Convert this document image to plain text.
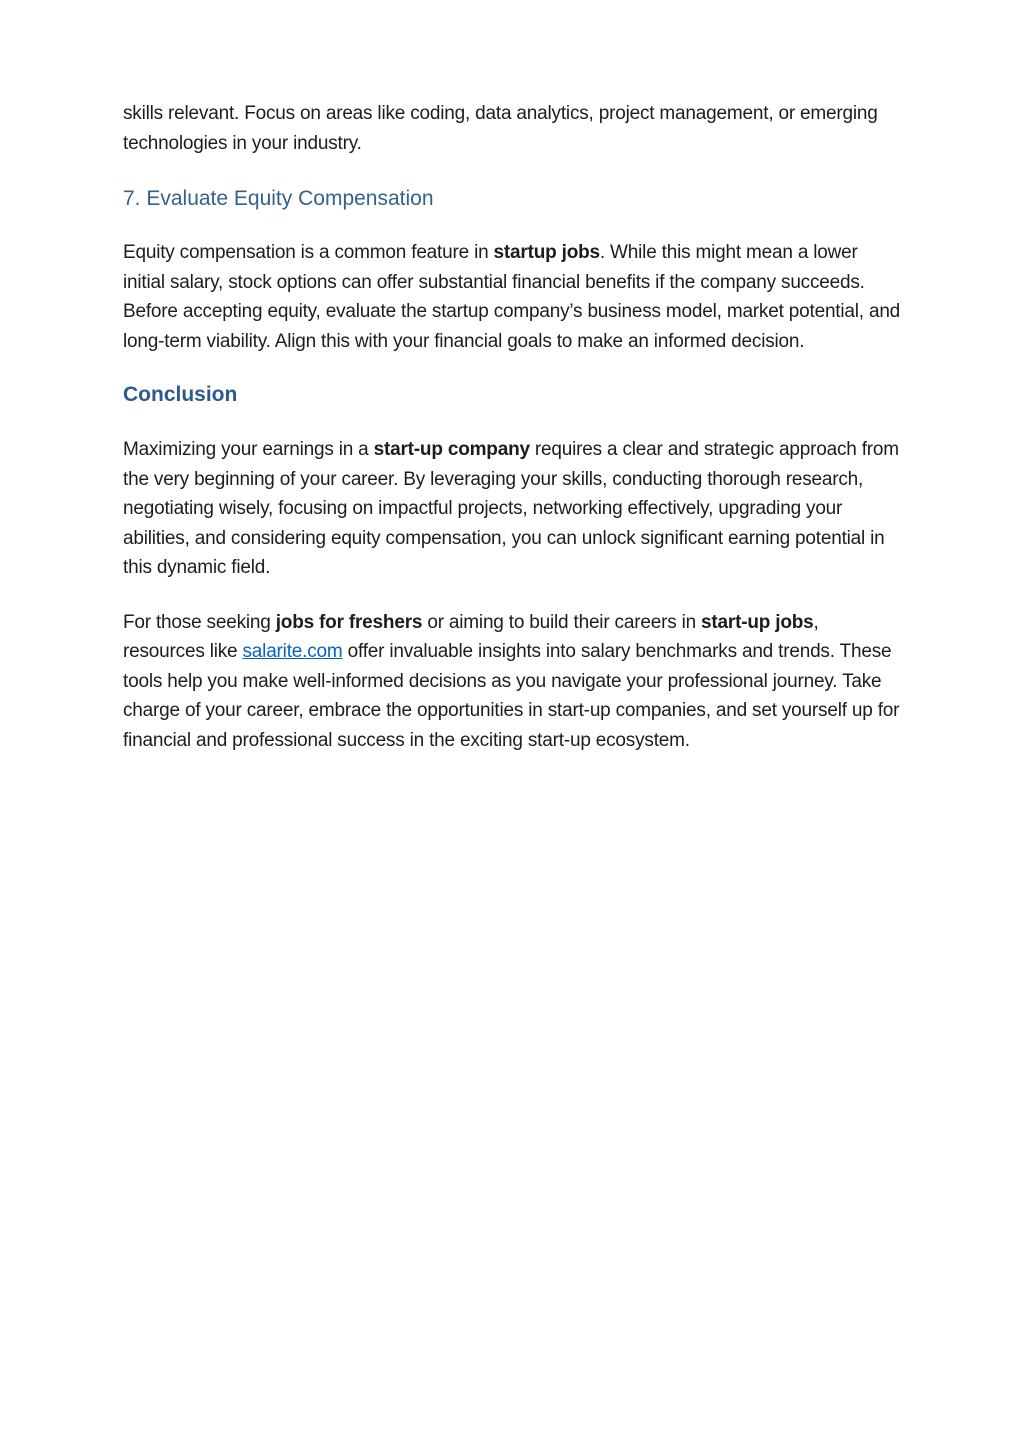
skills relevant. Focus on areas like coding, data analytics, project management, or emerging technologies in your industry.

7. Evaluate Equity Compensation

Equity compensation is a common feature in startup jobs. While this might mean a lower initial salary, stock options can offer substantial financial benefits if the company succeeds. Before accepting equity, evaluate the startup company’s business model, market potential, and long-term viability. Align this with your financial goals to make an informed decision.

Conclusion

Maximizing your earnings in a start-up company requires a clear and strategic approach from the very beginning of your career. By leveraging your skills, conducting thorough research, negotiating wisely, focusing on impactful projects, networking effectively, upgrading your abilities, and considering equity compensation, you can unlock significant earning potential in this dynamic field.

For those seeking jobs for freshers or aiming to build their careers in start-up jobs, resources like salarite.com offer invaluable insights into salary benchmarks and trends. These tools help you make well-informed decisions as you navigate your professional journey. Take charge of your career, embrace the opportunities in start-up companies, and set yourself up for financial and professional success in the exciting start-up ecosystem.
